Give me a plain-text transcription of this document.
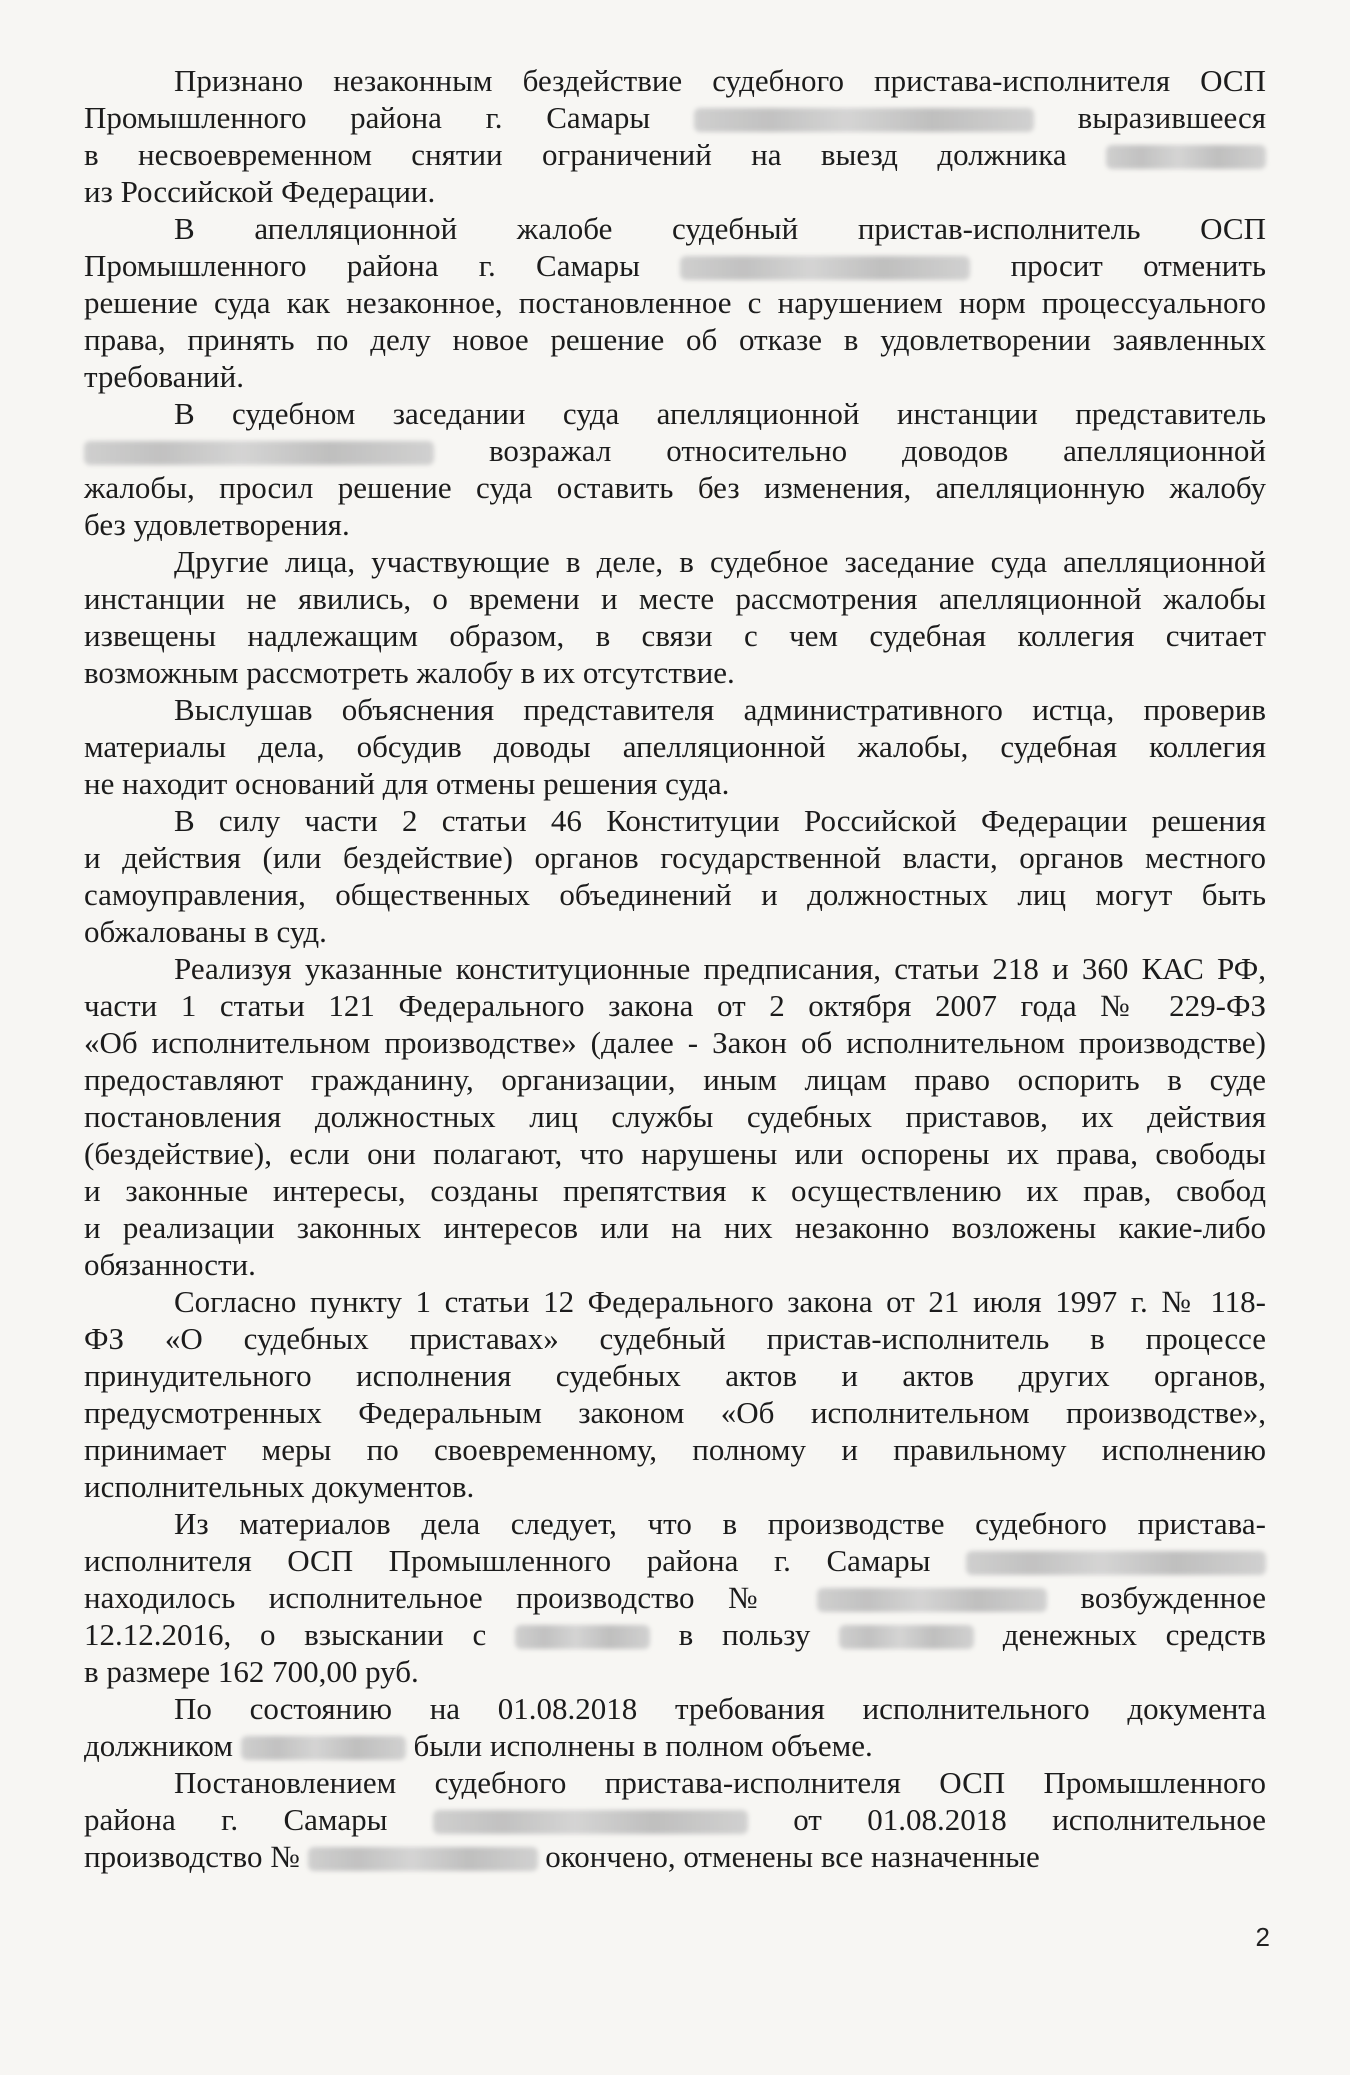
Признано незаконным бездействие судебного пристава-исполнителя ОСП
Промышленного района г. Самары	выразившееся
в несвоевременном снятии ограничений на выезд должника
из Российской Федерации.
В апелляционной жалобе судебный пристав-исполнитель ОСП
Промышленного района г. Самары	просит отменить
решение суда как незаконное, постановленное с нарушением норм процессуального
права, принять по делу новое решение об отказе в удовлетворении заявленных
требований.
В судебном заседании суда апелляционной инстанции представитель
возражал относительно доводов апелляционной
жалобы, просил решение суда оставить без изменения, апелляционную жалобу
без удовлетворения.
Другие лица, участвующие в деле, в судебное заседание суда апелляционной
инстанции не явились, о времени и месте рассмотрения апелляционной жалобы
извещены надлежащим образом, в связи с чем судебная коллегия считает
возможным рассмотреть жалобу в их отсутствие.
Выслушав объяснения представителя административного истца, проверив
материалы дела, обсудив доводы апелляционной жалобы, судебная коллегия
не находит оснований для отмены решения суда.
В силу части 2 статьи 46 Конституции Российской Федерации решения
и действия (или бездействие) органов государственной власти, органов местного
самоуправления, общественных объединений и должностных лиц могут быть
обжалованы в суд.
Реализуя указанные конституционные предписания, статьи 218 и 360 КАС РФ,
части 1 статьи 121 Федерального закона от 2 октября 2007 года № 229-ФЗ
«Об исполнительном производстве» (далее - Закон об исполнительном производстве)
предоставляют гражданину, организации, иным лицам право оспорить в суде
постановления должностных лиц службы судебных приставов, их действия
(бездействие), если они полагают, что нарушены или оспорены их права, свободы
и законные интересы, созданы препятствия к осуществлению их прав, свобод
и реализации законных интересов или на них незаконно возложены какие-либо
обязанности.
Согласно пункту 1 статьи 12 Федерального закона от 21 июля 1997 г. № 118-
ФЗ «О судебных приставах» судебный пристав-исполнитель в процессе
принудительного исполнения судебных актов и актов других органов,
предусмотренных Федеральным законом «Об исполнительном производстве»,
принимает меры по своевременному, полному и правильному исполнению
исполнительных документов.
Из материалов дела следует, что в производстве судебного пристава-
исполнителя ОСП Промышленного района г. Самары
находилось исполнительное производство №	возбужденное
12.12.2016, о взыскании с	в пользу	денежных средств
в размере 162 700,00 руб.
По состоянию на 01.08.2018 требования исполнительного документа
должником	были исполнены в полном объеме.
Постановлением судебного пристава-исполнителя ОСП Промышленного
района г. Самары	от 01.08.2018 исполнительное
производство №	окончено, отменены все назначенные
2
